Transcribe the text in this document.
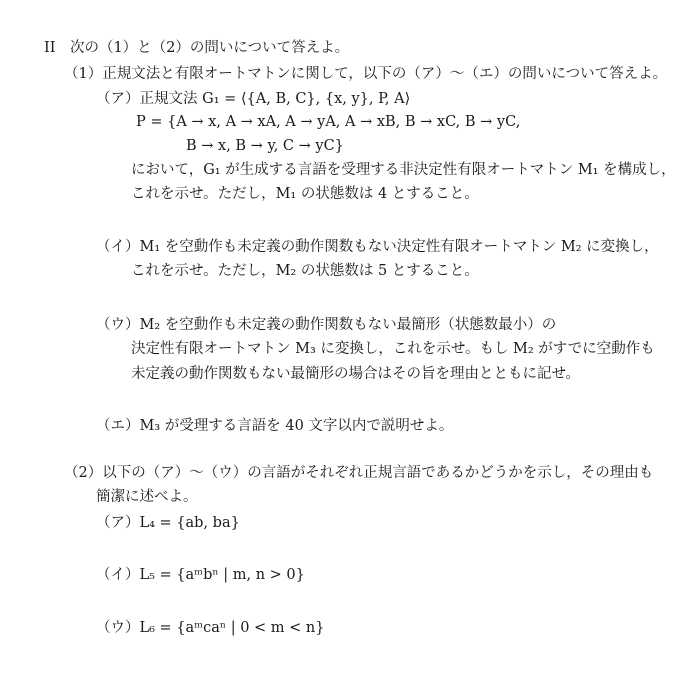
II　次の（1）と（2）の問いについて答えよ。
（1）正規文法と有限オートマトンに関して，以下の（ア）～（エ）の問いについて答えよ。
（ア）正規文法 G₁ = ⟨{A, B, C}, {x, y}, P, A⟩
P = {A → x, A → xA, A → yA, A → xB, B → xC, B → yC,
B → x, B → y, C → yC}
において，G₁ が生成する言語を受理する非決定性有限オートマトン M₁ を構成し，
これを示せ。ただし，M₁ の状態数は 4 とすること。
（イ）M₁ を空動作も未定義の動作関数もない決定性有限オートマトン M₂ に変換し，
これを示せ。ただし，M₂ の状態数は 5 とすること。
（ウ）M₂ を空動作も未定義の動作関数もない最簡形（状態数最小）の
決定性有限オートマトン M₃ に変換し，これを示せ。もし M₂ がすでに空動作も
未定義の動作関数もない最簡形の場合はその旨を理由とともに記せ。
（エ）M₃ が受理する言語を 40 文字以内で説明せよ。
（2）以下の（ア）～（ウ）の言語がそれぞれ正規言語であるかどうかを示し，その理由も
簡潔に述べよ。
（ア）L₄ = {ab, ba}
（イ）L₅ = {aᵐbⁿ | m, n > 0}
（ウ）L₆ = {aᵐcaⁿ | 0 < m < n}
